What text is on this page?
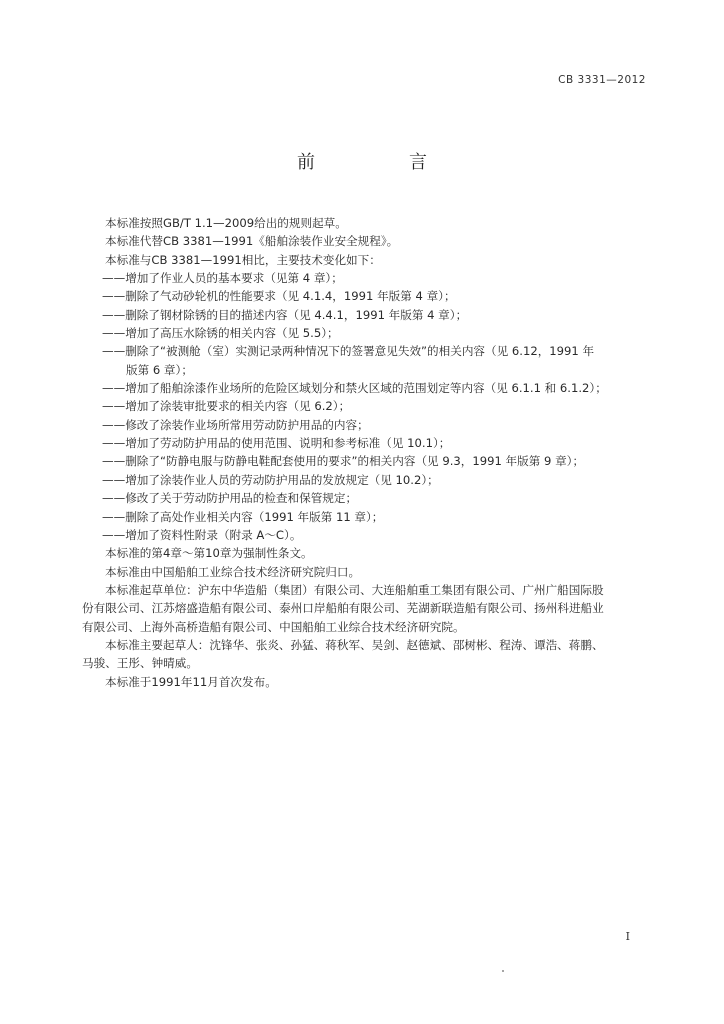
CB 3331—2012
前　言

本标准按照GB/T 1.1—2009给出的规则起草。

本标准代替CB 3381—1991《船舶涂装作业安全规程》。

本标准与CB 3381—1991相比，主要技术变化如下：

——增加了作业人员的基本要求（见第 4 章）；

——删除了气动砂轮机的性能要求（见 4.1.4，1991 年版第 4 章）；

——删除了钢材除锈的目的描述内容（见 4.4.1，1991 年版第 4 章）；

——增加了高压水除锈的相关内容（见 5.5）；

——删除了“被测舱（室）实测记录两种情况下的签署意见失效”的相关内容（见 6.12，1991 年

版第 6 章）；

——增加了船舶涂漆作业场所的危险区域划分和禁火区域的范围划定等内容（见 6.1.1 和 6.1.2）；

——增加了涂装审批要求的相关内容（见 6.2）；

——修改了涂装作业场所常用劳动防护用品的内容；

——增加了劳动防护用品的使用范围、说明和参考标准（见 10.1）；

——删除了“防静电服与防静电鞋配套使用的要求”的相关内容（见 9.3，1991 年版第 9 章）；

——增加了涂装作业人员的劳动防护用品的发放规定（见 10.2）；

——修改了关于劳动防护用品的检查和保管规定；

——删除了高处作业相关内容（1991 年版第 11 章）；

——增加了资料性附录（附录 A～C）。

本标准的第4章～第10章为强制性条文。

本标准由中国船舶工业综合技术经济研究院归口。

本标准起草单位：沪东中华造船（集团）有限公司、大连船舶重工集团有限公司、广州广船国际股

份有限公司、江苏熔盛造船有限公司、泰州口岸船舶有限公司、芜湖新联造船有限公司、扬州科进船业

有限公司、上海外高桥造船有限公司、中国船舶工业综合技术经济研究院。

本标准主要起草人：沈锋华、张炎、孙猛、蒋秋军、吴剑、赵德斌、邵树彬、程涛、谭浩、蒋鹏、

马骏、王彤、钟晴威。

本标准于1991年11月首次发布。

I
